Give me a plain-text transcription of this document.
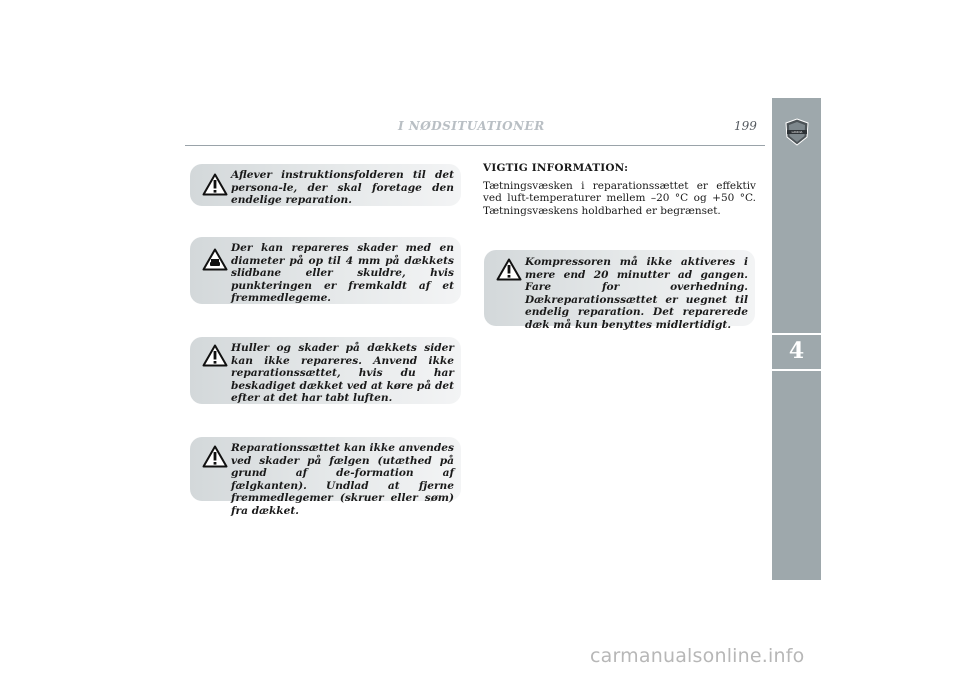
I NØDSITUATIONER	199	LANCIA
4
Aflever instruktionsfolderen til det persona-le, der skal foretage den endelige reparation.
Der kan repareres skader med en diameter på op til 4 mm på dækkets slidbane eller skuldre, hvis punkteringen er fremkaldt af et fremmedlegeme.
Huller og skader på dækkets sider kan ikke repareres. Anvend ikke reparationssættet, hvis du har beskadiget dækket ved at køre på det efter at det har tabt luften.
Reparationssættet kan ikke anvendes ved skader på fælgen (utæthed på grund af de-formation af fælgkanten). Undlad at fjerne fremmedlegemer (skruer eller søm) fra dækket.
VIGTIG INFORMATION:
Tætningsvæsken i reparationssættet er effektiv ved luft-temperaturer mellem –20 °C og +50 °C. Tætningsvæskens holdbarhed er begrænset.
Kompressoren må ikke aktiveres i mere end 20 minutter ad gangen. Fare for overhedning. Dækreparationssættet er uegnet til endelig reparation. Det reparerede dæk må kun benyttes midlertidigt.
carmanualsonline.info
